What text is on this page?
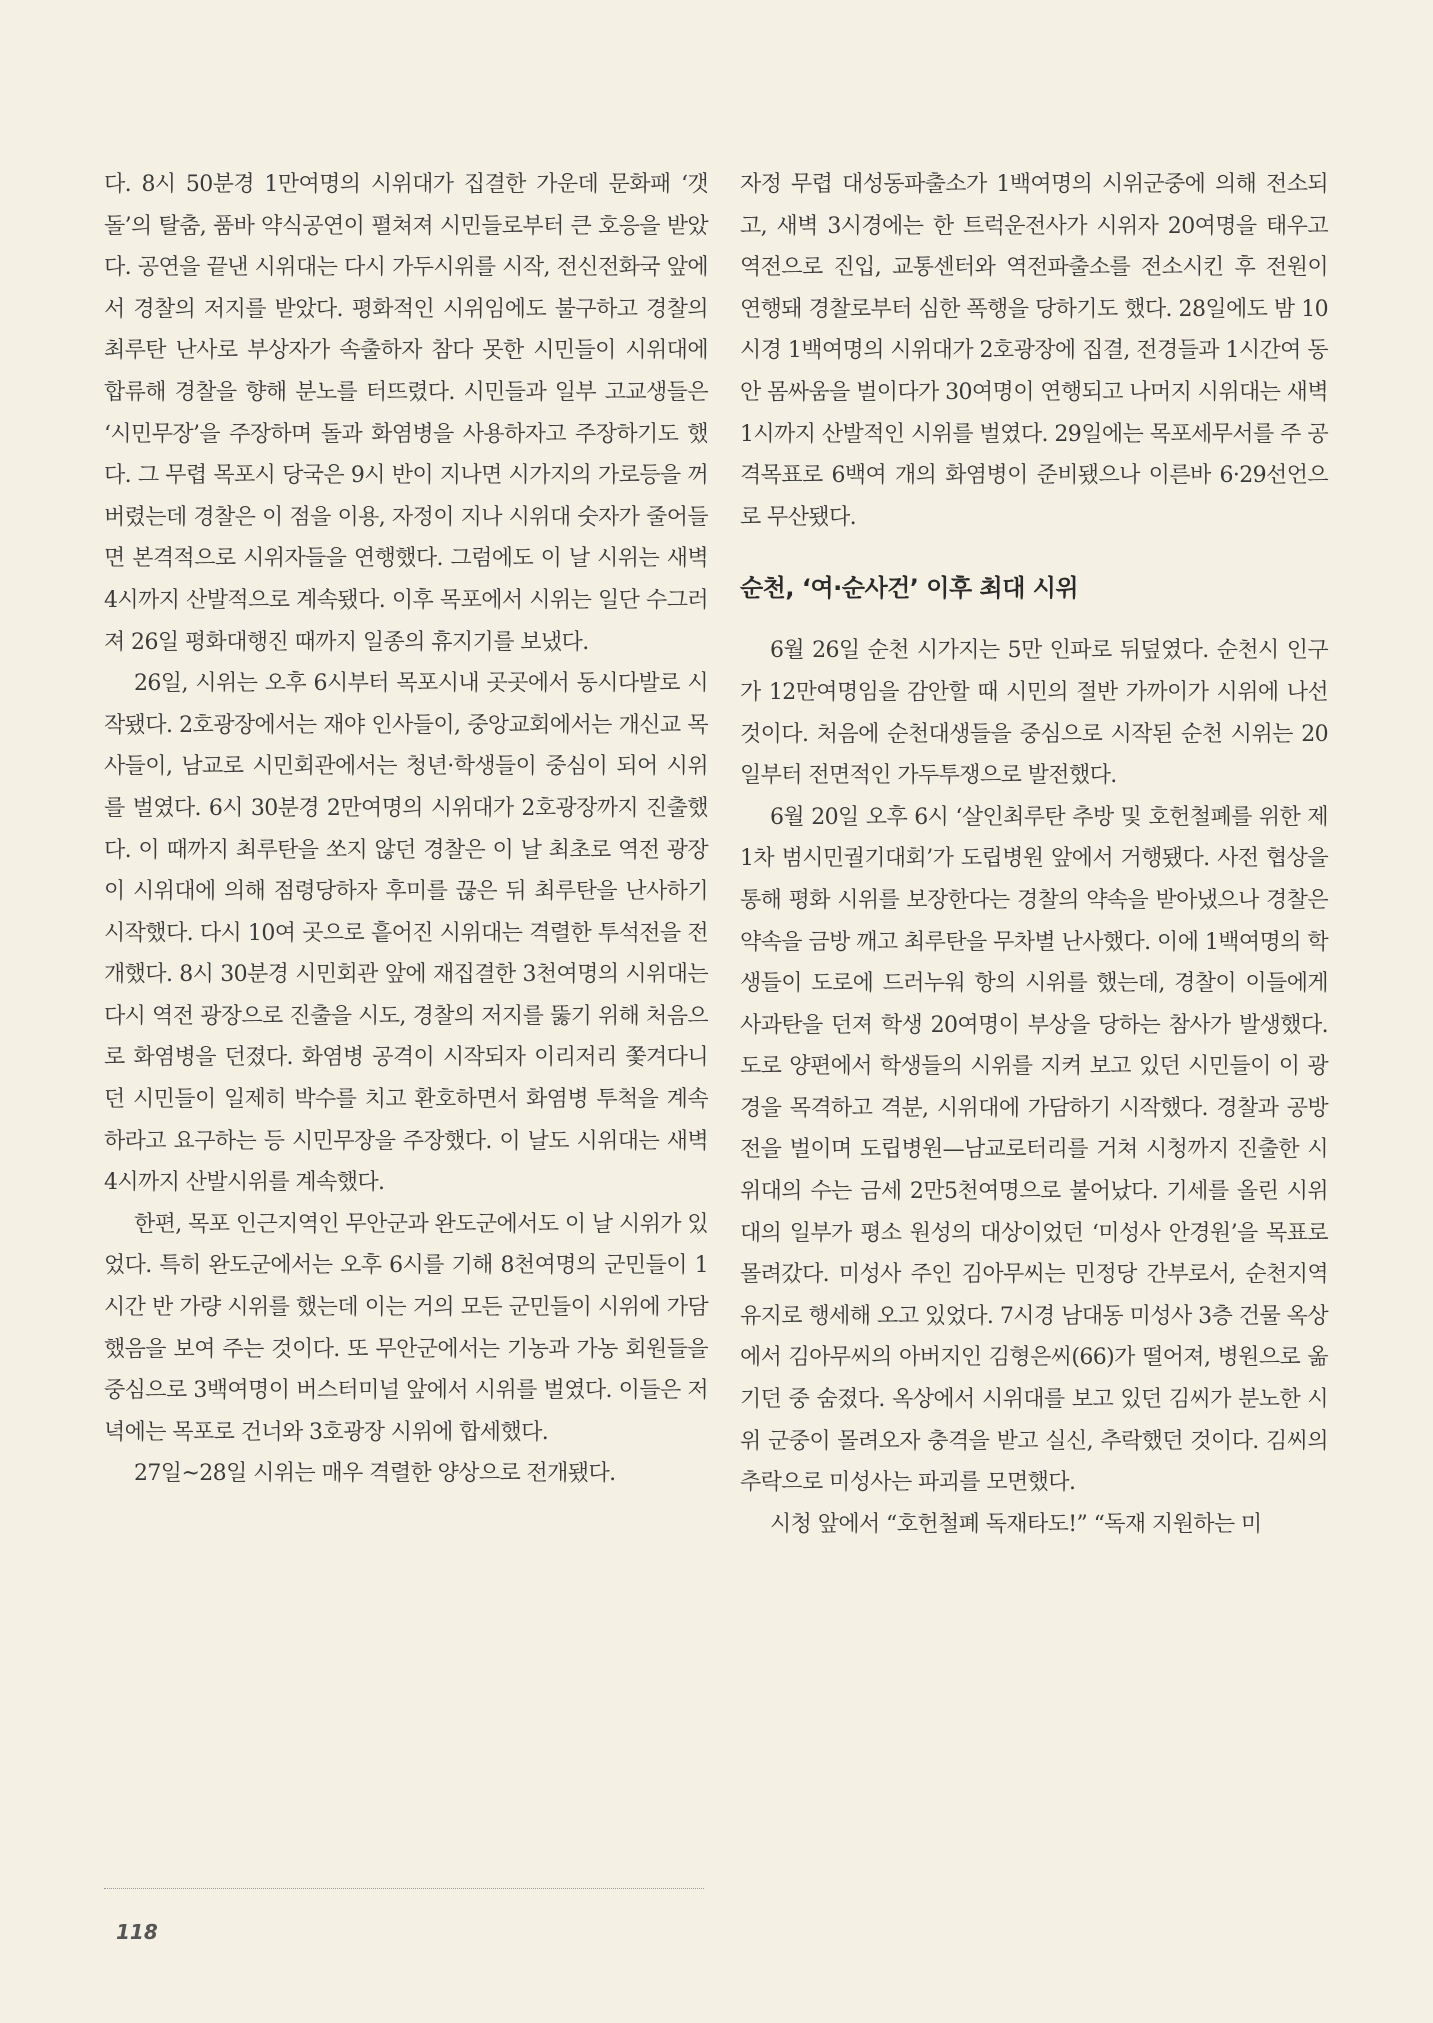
다. 8시 50분경 1만여명의 시위대가 집결한 가운데 문화패 ‘갯돌’의 탈춤, 품바 약식공연이 펼쳐져 시민들로부터 큰 호응을 받았다. 공연을 끝낸 시위대는 다시 가두시위를 시작, 전신전화국 앞에서 경찰의 저지를 받았다. 평화적인 시위임에도 불구하고 경찰의 최루탄 난사로 부상자가 속출하자 참다 못한 시민들이 시위대에 합류해 경찰을 향해 분노를 터뜨렸다. 시민들과 일부 고교생들은 ‘시민무장’을 주장하며 돌과 화염병을 사용하자고 주장하기도 했다. 그 무렵 목포시 당국은 9시 반이 지나면 시가지의 가로등을 꺼 버렸는데 경찰은 이 점을 이용, 자정이 지나 시위대 숫자가 줄어들면 본격적으로 시위자들을 연행했다. 그럼에도 이 날 시위는 새벽 4시까지 산발적으로 계속됐다. 이후 목포에서 시위는 일단 수그러져 26일 평화대행진 때까지 일종의 휴지기를 보냈다.

26일, 시위는 오후 6시부터 목포시내 곳곳에서 동시다발로 시작됐다. 2호광장에서는 재야 인사들이, 중앙교회에서는 개신교 목사들이, 남교로 시민회관에서는 청년·학생들이 중심이 되어 시위를 벌였다. 6시 30분경 2만여명의 시위대가 2호광장까지 진출했다. 이 때까지 최루탄을 쏘지 않던 경찰은 이 날 최초로 역전 광장이 시위대에 의해 점령당하자 후미를 끊은 뒤 최루탄을 난사하기 시작했다. 다시 10여 곳으로 흩어진 시위대는 격렬한 투석전을 전개했다. 8시 30분경 시민회관 앞에 재집결한 3천여명의 시위대는 다시 역전 광장으로 진출을 시도, 경찰의 저지를 뚫기 위해 처음으로 화염병을 던졌다. 화염병 공격이 시작되자 이리저리 쫓겨다니던 시민들이 일제히 박수를 치고 환호하면서 화염병 투척을 계속하라고 요구하는 등 시민무장을 주장했다. 이 날도 시위대는 새벽 4시까지 산발시위를 계속했다.

한편, 목포 인근지역인 무안군과 완도군에서도 이 날 시위가 있었다. 특히 완도군에서는 오후 6시를 기해 8천여명의 군민들이 1시간 반 가량 시위를 했는데 이는 거의 모든 군민들이 시위에 가담했음을 보여 주는 것이다. 또 무안군에서는 기농과 가농 회원들을 중심으로 3백여명이 버스터미널 앞에서 시위를 벌였다. 이들은 저녁에는 목포로 건너와 3호광장 시위에 합세했다.

27일~28일 시위는 매우 격렬한 양상으로 전개됐다.

자정 무렵 대성동파출소가 1백여명의 시위군중에 의해 전소되고, 새벽 3시경에는 한 트럭운전사가 시위자 20여명을 태우고 역전으로 진입, 교통센터와 역전파출소를 전소시킨 후 전원이 연행돼 경찰로부터 심한 폭행을 당하기도 했다. 28일에도 밤 10시경 1백여명의 시위대가 2호광장에 집결, 전경들과 1시간여 동안 몸싸움을 벌이다가 30여명이 연행되고 나머지 시위대는 새벽 1시까지 산발적인 시위를 벌였다. 29일에는 목포세무서를 주 공격목표로 6백여 개의 화염병이 준비됐으나 이른바 6·29선언으로 무산됐다.

순천, ‘여·순사건’ 이후 최대 시위

6월 26일 순천 시가지는 5만 인파로 뒤덮였다. 순천시 인구가 12만여명임을 감안할 때 시민의 절반 가까이가 시위에 나선 것이다. 처음에 순천대생들을 중심으로 시작된 순천 시위는 20일부터 전면적인 가두투쟁으로 발전했다.

6월 20일 오후 6시 ‘살인최루탄 추방 및 호헌철폐를 위한 제1차 범시민궐기대회’가 도립병원 앞에서 거행됐다. 사전 협상을 통해 평화 시위를 보장한다는 경찰의 약속을 받아냈으나 경찰은 약속을 금방 깨고 최루탄을 무차별 난사했다. 이에 1백여명의 학생들이 도로에 드러누워 항의 시위를 했는데, 경찰이 이들에게 사과탄을 던져 학생 20여명이 부상을 당하는 참사가 발생했다. 도로 양편에서 학생들의 시위를 지켜 보고 있던 시민들이 이 광경을 목격하고 격분, 시위대에 가담하기 시작했다. 경찰과 공방전을 벌이며 도립병원—남교로터리를 거쳐 시청까지 진출한 시위대의 수는 금세 2만5천여명으로 불어났다. 기세를 올린 시위대의 일부가 평소 원성의 대상이었던 ‘미성사 안경원’을 목표로 몰려갔다. 미성사 주인 김아무씨는 민정당 간부로서, 순천지역 유지로 행세해 오고 있었다. 7시경 남대동 미성사 3층 건물 옥상에서 김아무씨의 아버지인 김형은씨(66)가 떨어져, 병원으로 옮기던 중 숨졌다. 옥상에서 시위대를 보고 있던 김씨가 분노한 시위 군중이 몰려오자 충격을 받고 실신, 추락했던 것이다. 김씨의 추락으로 미성사는 파괴를 모면했다.

시청 앞에서 “호헌철폐 독재타도!” “독재 지원하는 미

118
